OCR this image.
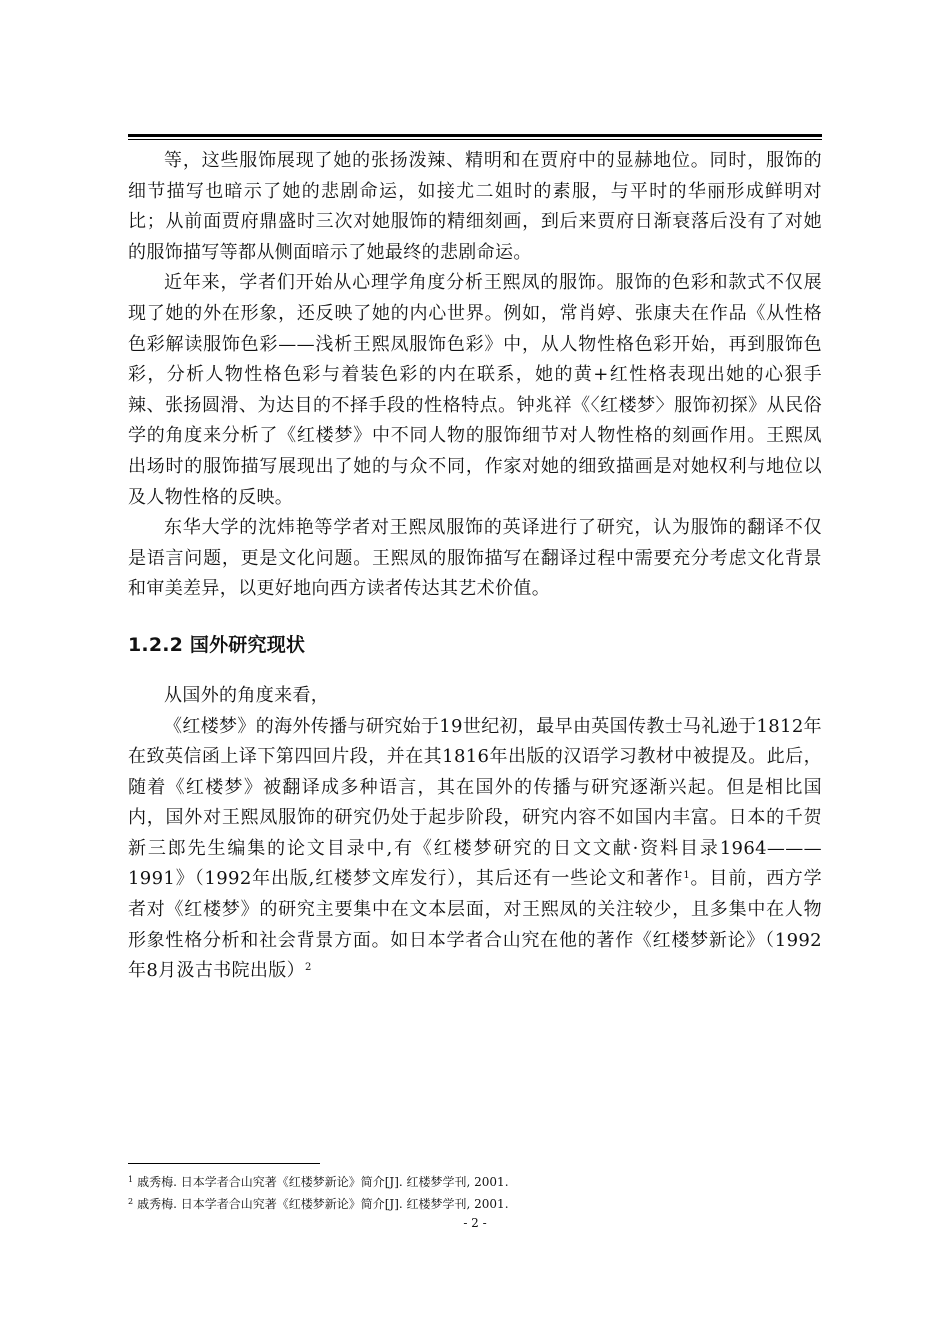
等，这些服饰展现了她的张扬泼辣、精明和在贾府中的显赫地位。同时，服饰的细节描写也暗示了她的悲剧命运，如接尤二姐时的素服，与平时的华丽形成鲜明对比；从前面贾府鼎盛时三次对她服饰的精细刻画，到后来贾府日渐衰落后没有了对她的服饰描写等都从侧面暗示了她最终的悲剧命运。

近年来，学者们开始从心理学角度分析王熙凤的服饰。服饰的色彩和款式不仅展现了她的外在形象，还反映了她的内心世界。例如，常肖婷、张康夫在作品《从性格色彩解读服饰色彩——浅析王熙凤服饰色彩》中，从人物性格色彩开始，再到服饰色彩，分析人物性格色彩与着装色彩的内在联系，她的黄+红性格表现出她的心狠手辣、张扬圆滑、为达目的不择手段的性格特点。钟兆祥《〈红楼梦〉服饰初探》从民俗学的角度来分析了《红楼梦》中不同人物的服饰细节对人物性格的刻画作用。王熙凤出场时的服饰描写展现出了她的与众不同，作家对她的细致描画是对她权利与地位以及人物性格的反映。

东华大学的沈炜艳等学者对王熙凤服饰的英译进行了研究，认为服饰的翻译不仅是语言问题，更是文化问题。王熙凤的服饰描写在翻译过程中需要充分考虑文化背景和审美差异，以更好地向西方读者传达其艺术价值。

1.2.2 国外研究现状

从国外的角度来看，

《红楼梦》的海外传播与研究始于19世纪初，最早由英国传教士马礼逊于1812年在致英信函上译下第四回片段，并在其1816年出版的汉语学习教材中被提及。此后，随着《红楼梦》被翻译成多种语言，其在国外的传播与研究逐渐兴起。但是相比国内，国外对王熙凤服饰的研究仍处于起步阶段，研究内容不如国内丰富。日本的千贺新三郎先生编集的论文目录中,有《红楼梦研究的日文文献·资料目录1964——— 1991》（1992年出版,红楼梦文库发行），其后还有一些论文和著作$^1$。目前，西方学者对《红楼梦》的研究主要集中在文本层面，对王熙凤的关注较少，且多集中在人物形象性格分析和社会背景方面。如日本学者合山究在他的著作《红楼梦新论》（1992年8月汲古书院出版）$^2$

$^1$ 戚秀梅. 日本学者合山究著《红楼梦新论》简介[J]. 红楼梦学刊, 2001.
$^2$ 戚秀梅. 日本学者合山究著《红楼梦新论》简介[J]. 红楼梦学刊, 2001.
- 2 -
